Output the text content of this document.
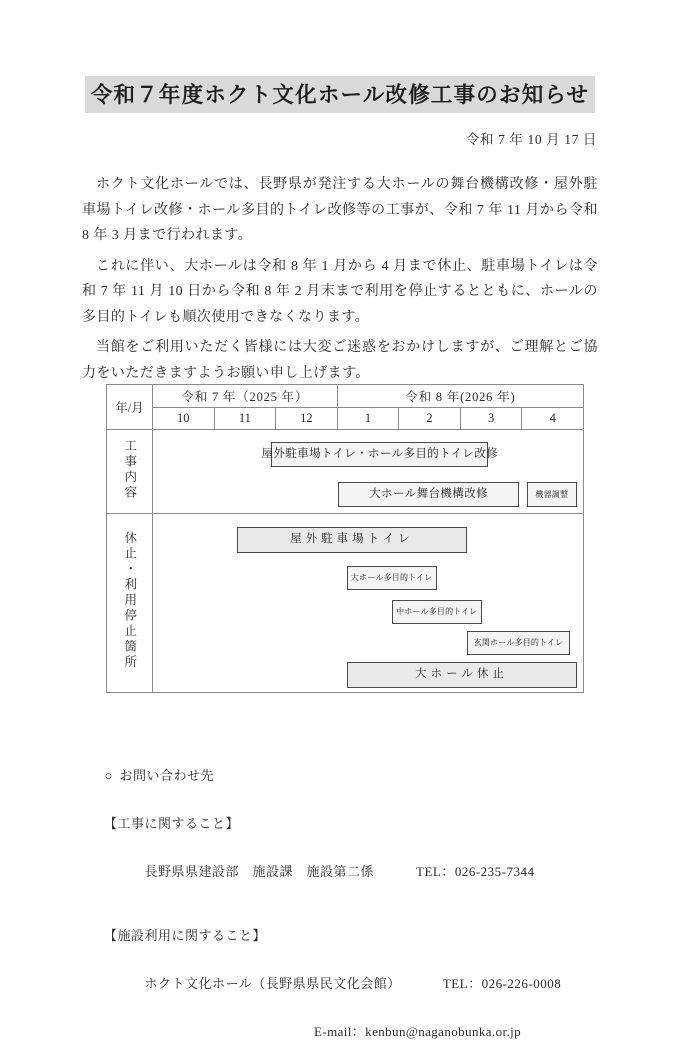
令和７年度ホクト文化ホール改修工事のお知らせ
令和 7 年 10 月 17 日

ホクト文化ホールでは、長野県が発注する大ホールの舞台機構改修・屋外駐車場トイレ改修・ホール多目的トイレ改修等の工事が、令和 7 年 11 月から令和 8 年 3 月まで行われます。

これに伴い、大ホールは令和 8 年 1 月から 4 月まで休止、駐車場トイレは令和 7 年 11 月 10 日から令和 8 年 2 月末まで利用を停止するとともに、ホールの多目的トイレも順次使用できなくなります。

当館をご利用いただく皆様には大変ご迷惑をおかけしますが、ご理解とご協力をいただきますようお願い申し上げます。

年/月	令和 7 年（2025 年）			令和 8 年(2026 年)			
	10	11	12	1	2	3	4
工事内容	屋外駐車場トイレ・ホール多目的トイレ改修
大ホール舞台機構改修 機器調整						

休止・利用停止箇所	屋外駐車場トイレ
大ホール多目的トイレ
中ホール多目的トイレ
玄関ホール多目的トイレ
大ホール休止						

○ お問い合わせ先

【工事に関すること】

長野県県建設部　施設課　施設第二係	TEL：026-235-7344

【施設利用に関すること】

ホクト文化ホール（長野県県民文化会館）	TEL：026-226-0008

E-mail：kenbun@naganobunka.or.jp
